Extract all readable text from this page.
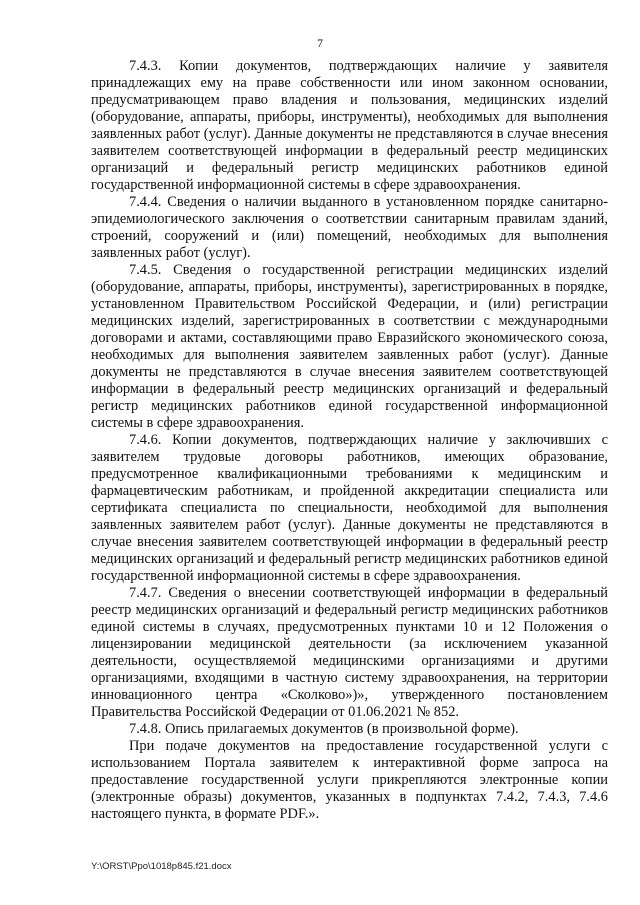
7

7.4.3. Копии документов, подтверждающих наличие у заявителя принадлежащих ему на праве собственности или ином законном основании, предусматривающем право владения и пользования, медицинских изделий (оборудование, аппараты, приборы, инструменты), необходимых для выполнения заявленных работ (услуг). Данные документы не представляются в случае внесения заявителем соответствующей информации в федеральный реестр медицинских организаций и федеральный регистр медицинских работников единой государственной информационной системы в сфере здравоохранения.

7.4.4. Сведения о наличии выданного в установленном порядке санитарно-эпидемиологического заключения о соответствии санитарным правилам зданий, строений, сооружений и (или) помещений, необходимых для выполнения заявленных работ (услуг).

7.4.5. Сведения о государственной регистрации медицинских изделий (оборудование, аппараты, приборы, инструменты), зарегистрированных в порядке, установленном Правительством Российской Федерации, и (или) регистрации медицинских изделий, зарегистрированных в соответствии с международными договорами и актами, составляющими право Евразийского экономического союза, необходимых для выполнения заявителем заявленных работ (услуг). Данные документы не представляются в случае внесения заявителем соответствующей информации в федеральный реестр медицинских организаций и федеральный регистр медицинских работников единой государственной информационной системы в сфере здравоохранения.

7.4.6. Копии документов, подтверждающих наличие у заключивших с заявителем трудовые договоры работников, имеющих образование, предусмотренное квалификационными требованиями к медицинским и фармацевтическим работникам, и пройденной аккредитации специалиста или сертификата специалиста по специальности, необходимой для выполнения заявленных заявителем работ (услуг). Данные документы не представляются в случае внесения заявителем соответствующей информации в федеральный реестр медицинских организаций и федеральный регистр медицинских работников единой государственной информационной системы в сфере здравоохранения.

7.4.7. Сведения о внесении соответствующей информации в федеральный реестр медицинских организаций и федеральный регистр медицинских работников единой системы в случаях, предусмотренных пунктами 10 и 12 Положения о лицензировании медицинской деятельности (за исключением указанной деятельности, осуществляемой медицинскими организациями и другими организациями, входящими в частную систему здравоохранения, на территории инновационного центра «Сколково»)», утвержденного постановлением Правительства Российской Федерации от 01.06.2021 № 852.

7.4.8. Опись прилагаемых документов (в произвольной форме).

При подаче документов на предоставление государственной услуги с использованием Портала заявителем к интерактивной форме запроса на предоставление государственной услуги прикрепляются электронные копии (электронные образы) документов, указанных в подпунктах 7.4.2, 7.4.3, 7.4.6 настоящего пункта, в формате PDF.».

Y:\ORST\Ppo\1018p845.f21.docx
